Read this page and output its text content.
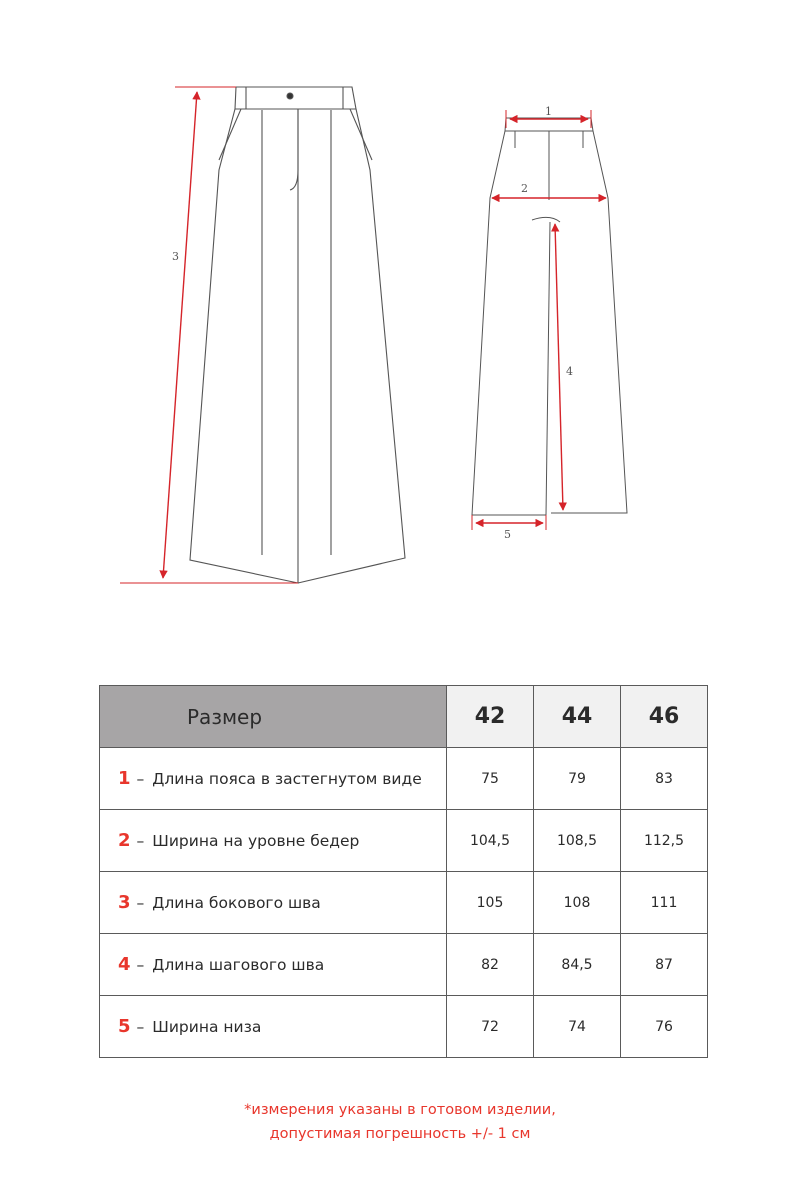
3
1
2
4
5
Размер	42	44	46
1 – Длина пояса в застегнутом виде	75	79	83
2 – Ширина на уровне бедер	104,5	108,5	112,5
3 – Длина бокового шва	105	108	111
4 – Длина шагового шва	82	84,5	87
5 – Ширина низа	72	74	76
*измерения указаны в готовом изделии,
допустимая погрешность +/- 1 см
